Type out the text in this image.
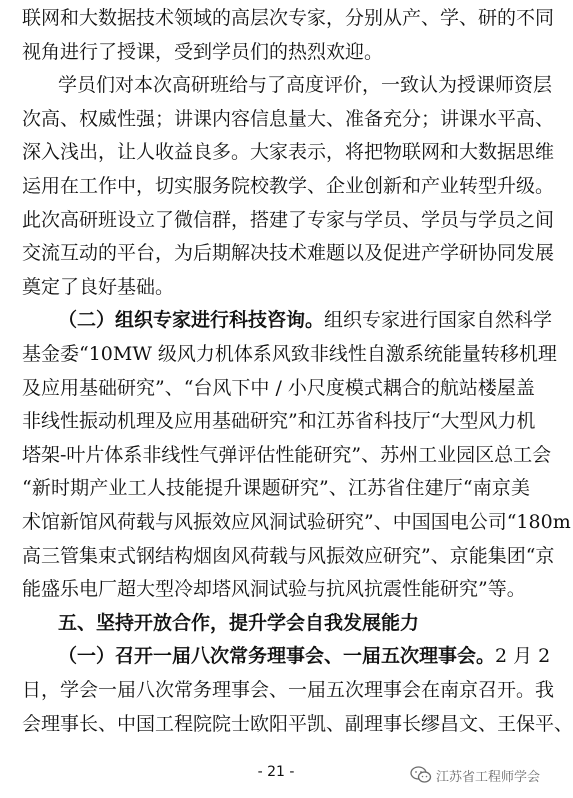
联网和大数据技术领域的高层次专家，分别从产、学、研的不同
视角进行了授课，受到学员们的热烈欢迎。
学员们对本次高研班给与了高度评价，一致认为授课师资层
次高、权威性强；讲课内容信息量大、准备充分；讲课水平高、
深入浅出，让人收益良多。大家表示，将把物联网和大数据思维
运用在工作中，切实服务院校教学、企业创新和产业转型升级。
此次高研班设立了微信群，搭建了专家与学员、学员与学员之间
交流互动的平台，为后期解决技术难题以及促进产学研协同发展
奠定了良好基础。
（二）组织专家进行科技咨询。组织专家进行国家自然科学
基金委“10MW 级风力机体系风致非线性自激系统能量转移机理
及应用基础研究”、“台风下中 / 小尺度模式耦合的航站楼屋盖
非线性振动机理及应用基础研究”和江苏省科技厅“大型风力机
塔架-叶片体系非线性气弹评估性能研究”、苏州工业园区总工会
“新时期产业工人技能提升课题研究”、江苏省住建厅“南京美
术馆新馆风荷载与风振效应风洞试验研究”、中国国电公司“180m
高三管集束式钢结构烟囱风荷载与风振效应研究”、京能集团“京
能盛乐电厂超大型冷却塔风洞试验与抗风抗震性能研究”等。
五、坚持开放合作，提升学会自我发展能力
（一）召开一届八次常务理事会、一届五次理事会。2 月 2
- 21 -	江苏省工程师学会
日，学会一届八次常务理事会、一届五次理事会在南京召开。我
会理事长、中国工程院院士欧阳平凯、副理事长缪昌文、王保平、
